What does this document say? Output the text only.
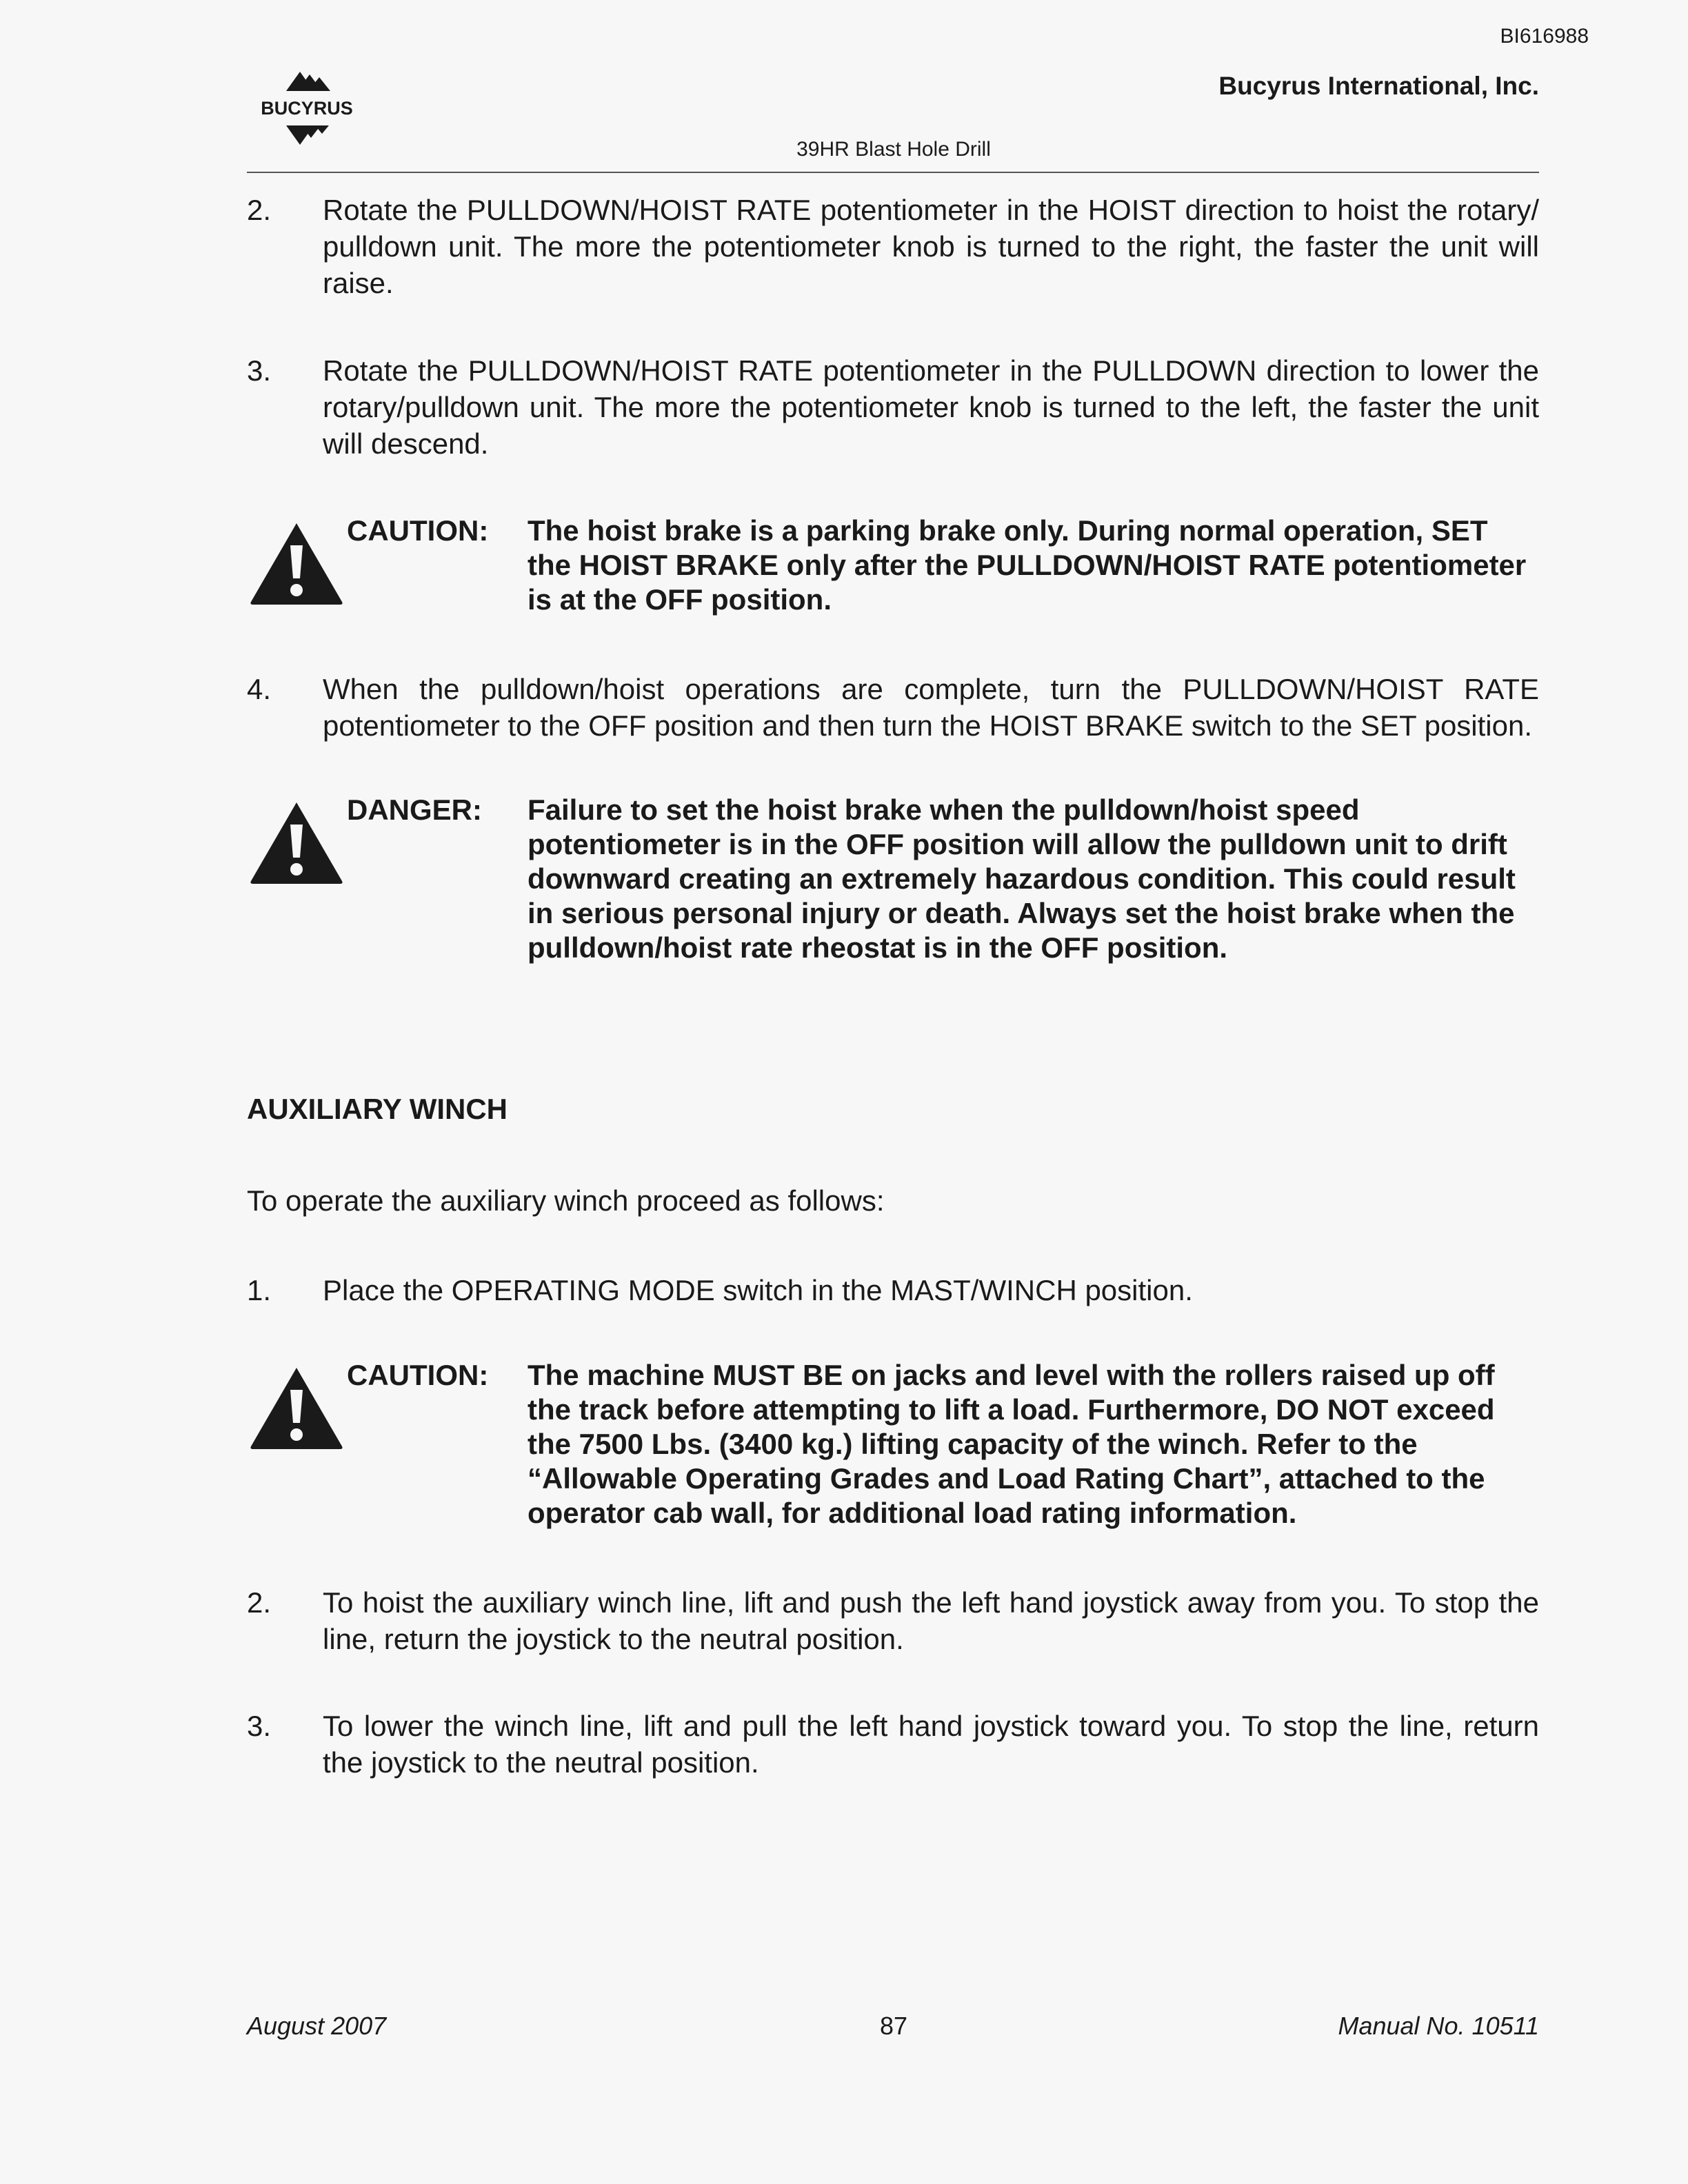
BI616988
BUCYRUS
Bucyrus International, Inc.
39HR Blast Hole Drill
2. Rotate the PULLDOWN/HOIST RATE potentiometer in the HOIST direction to hoist the rotary/ pulldown unit. The more the potentiometer knob is turned to the right, the faster the unit will raise.
3. Rotate the PULLDOWN/HOIST RATE potentiometer in the PULLDOWN direction to lower the rotary/pulldown unit. The more the potentiometer knob is turned to the left, the faster the unit will descend.
CAUTION: The hoist brake is a parking brake only. During normal operation, SET the HOIST BRAKE only after the PULLDOWN/HOIST RATE potentiometer is at the OFF position.
4. When the pulldown/hoist operations are complete, turn the PULLDOWN/HOIST RATE potentiometer to the OFF position and then turn the HOIST BRAKE switch to the SET position.
DANGER: Failure to set the hoist brake when the pulldown/hoist speed potentiometer is in the OFF position will allow the pulldown unit to drift downward creating an extremely hazardous condition. This could result in serious personal injury or death. Always set the hoist brake when the pulldown/hoist rate rheostat is in the OFF position.
AUXILIARY WINCH
To operate the auxiliary winch proceed as follows:
1. Place the OPERATING MODE switch in the MAST/WINCH position.
CAUTION: The machine MUST BE on jacks and level with the rollers raised up off the track before attempting to lift a load. Furthermore, DO NOT exceed the 7500 Lbs. (3400 kg.) lifting capacity of the winch. Refer to the “Allowable Operating Grades and Load Rating Chart”, attached to the operator cab wall, for additional load rating information.
2. To hoist the auxiliary winch line, lift and push the left hand joystick away from you. To stop the line, return the joystick to the neutral position.
3. To lower the winch line, lift and pull the left hand joystick toward you. To stop the line, return the joystick to the neutral position.
August 2007	87	Manual No. 10511
